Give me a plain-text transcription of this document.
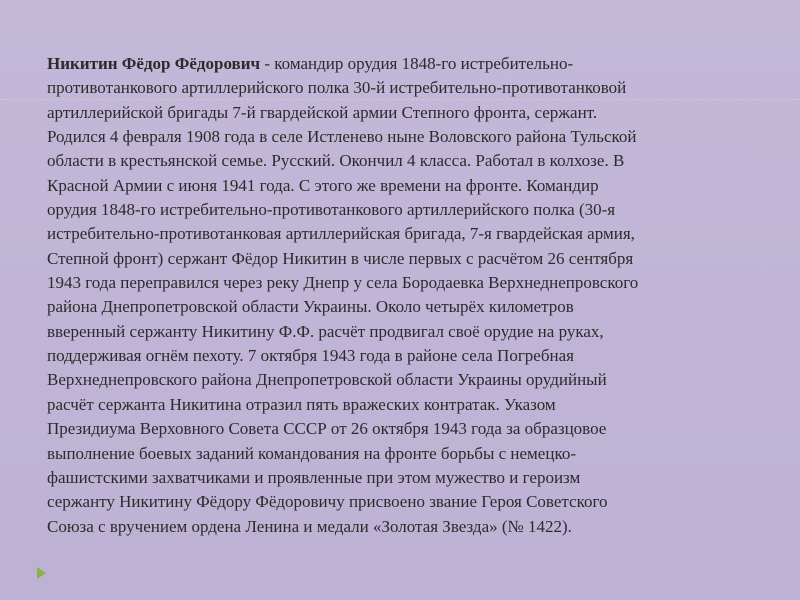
Никитин Фёдор Фёдорович - командир орудия 1848-го истребительно-
противотанкового артиллерийского полка 30-й истребительно-противотанковой
артиллерийской бригады 7-й гвардейской армии Степного фронта, сержант.
Родился 4 февраля 1908 года в селе Истленево ныне Воловского района Тульской
области в крестьянской семье. Русский. Окончил 4 класса. Работал в колхозе. В
Красной Армии с июня 1941 года. С этого же времени на фронте. Командир
орудия 1848-го истребительно-противотанкового артиллерийского полка (30-я
истребительно-противотанковая артиллерийская бригада, 7-я гвардейская армия,
Степной фронт) сержант Фёдор Никитин в числе первых с расчётом 26 сентября
1943 года переправился через реку Днепр у села Бородаевка Верхнеднепровского
района Днепропетровской области Украины. Около четырёх километров
вверенный сержанту Никитину Ф.Ф. расчёт продвигал своё орудие на руках,
поддерживая огнём пехоту. 7 октября 1943 года в районе села Погребная
Верхнеднепровского района Днепропетровской области Украины орудийный
расчёт сержанта Никитина отразил пять вражеских контратак. Указом
Президиума Верховного Совета СССР от 26 октября 1943 года за образцовое
выполнение боевых заданий командования на фронте борьбы с немецко-
фашистскими захватчиками и проявленные при этом мужество и героизм
сержанту Никитину Фёдору Фёдоровичу присвоено звание Героя Советского
Союза с вручением ордена Ленина и медали «Золотая Звезда» (№ 1422).
